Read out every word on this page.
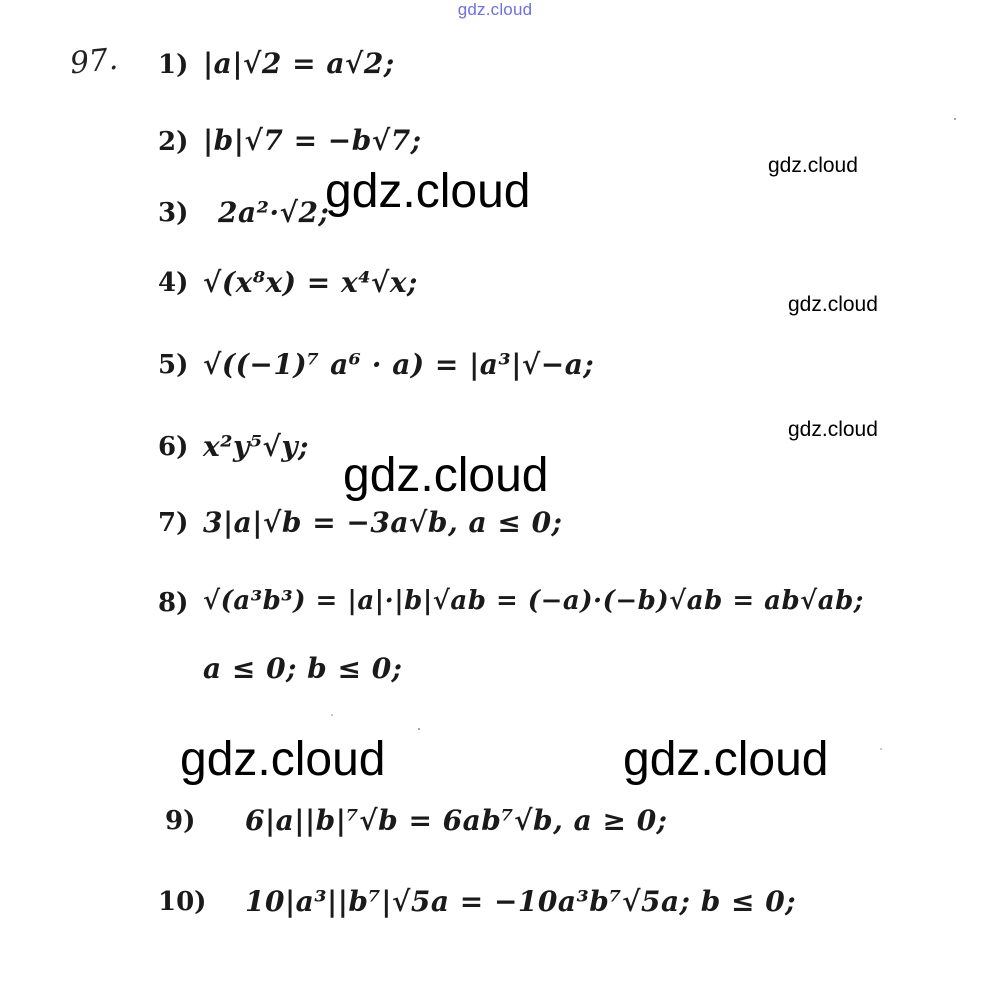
gdz.cloud
97. 1) |a|√2 = a√2;
2) |b|√7 = −b√7;
3) 2a²·√2;
4) √(x⁸x) = x⁴√x;
5) √((−1)⁷ a⁶ · a) = |a³|√−a;
6) x²y⁵√y;
7) 3|a|√b = −3a√b, a ≤ 0;
8) √(a³b³) = |a|·|b|√ab = (−a)·(−b)√ab = ab√ab;
a ≤ 0; b ≤ 0;
9) 6|a||b|⁷√b = 6ab⁷√b, a ≥ 0;
10) 10|a³||b⁷|√5a = −10a³b⁷√5a; b ≤ 0;
gdz.cloud
gdz.cloud
gdz.cloud	gdz.cloud
gdz.cloud
gdz.cloud
gdz.cloud
